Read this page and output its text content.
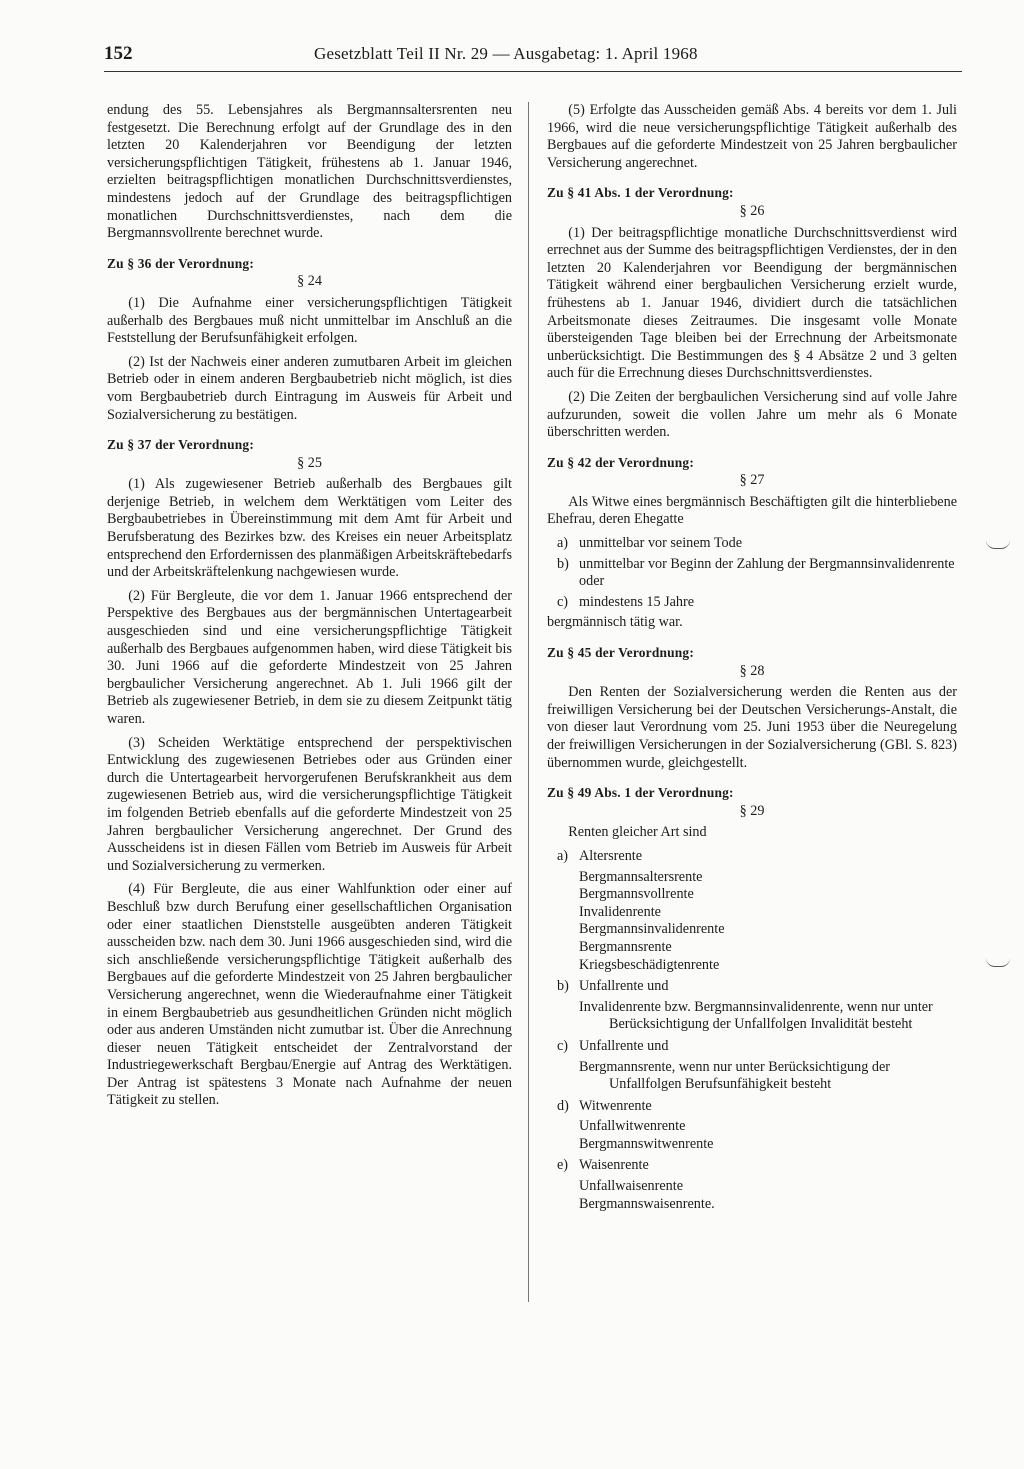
152	Gesetzblatt Teil II Nr. 29 — Ausgabetag: 1. April 1968

endung des 55. Lebensjahres als Bergmannsaltersrenten neu festgesetzt. Die Berechnung erfolgt auf der Grundlage des in den letzten 20 Kalenderjahren vor Beendigung der letzten versicherungspflichtigen Tätigkeit, frühestens ab 1. Januar 1946, erzielten beitragspflichtigen monatlichen Durchschnittsverdienstes, mindestens jedoch auf der Grundlage des beitragspflichtigen monatlichen Durchschnittsverdienstes, nach dem die Bergmannsvollrente berechnet wurde.

Zu § 36 der Verordnung:
§ 24

(1) Die Aufnahme einer versicherungspflichtigen Tätigkeit außerhalb des Bergbaues muß nicht unmittelbar im Anschluß an die Feststellung der Berufsunfähigkeit erfolgen.

(2) Ist der Nachweis einer anderen zumutbaren Arbeit im gleichen Betrieb oder in einem anderen Bergbaubetrieb nicht möglich, ist dies vom Bergbaubetrieb durch Eintragung im Ausweis für Arbeit und Sozialversicherung zu bestätigen.

Zu § 37 der Verordnung:
§ 25

(1) Als zugewiesener Betrieb außerhalb des Bergbaues gilt derjenige Betrieb, in welchem dem Werktätigen vom Leiter des Bergbaubetriebes in Übereinstimmung mit dem Amt für Arbeit und Berufsberatung des Bezirkes bzw. des Kreises ein neuer Arbeitsplatz entsprechend den Erfordernissen des planmäßigen Arbeitskräftebedarfs und der Arbeitskräftelenkung nachgewiesen wurde.

(2) Für Bergleute, die vor dem 1. Januar 1966 entsprechend der Perspektive des Bergbaues aus der bergmännischen Untertagearbeit ausgeschieden sind und eine versicherungspflichtige Tätigkeit außerhalb des Bergbaues aufgenommen haben, wird diese Tätigkeit bis 30. Juni 1966 auf die geforderte Mindestzeit von 25 Jahren bergbaulicher Versicherung angerechnet. Ab 1. Juli 1966 gilt der Betrieb als zugewiesener Betrieb, in dem sie zu diesem Zeitpunkt tätig waren.

(3) Scheiden Werktätige entsprechend der perspektivischen Entwicklung des zugewiesenen Betriebes oder aus Gründen einer durch die Untertagearbeit hervorgerufenen Berufskrankheit aus dem zugewiesenen Betrieb aus, wird die versicherungspflichtige Tätigkeit im folgenden Betrieb ebenfalls auf die geforderte Mindestzeit von 25 Jahren bergbaulicher Versicherung angerechnet. Der Grund des Ausscheidens ist in diesen Fällen vom Betrieb im Ausweis für Arbeit und Sozialversicherung zu vermerken.

(4) Für Bergleute, die aus einer Wahlfunktion oder einer auf Beschluß bzw durch Berufung einer gesellschaftlichen Organisation oder einer staatlichen Dienststelle ausgeübten anderen Tätigkeit ausscheiden bzw. nach dem 30. Juni 1966 ausgeschieden sind, wird die sich anschließende versicherungspflichtige Tätigkeit außerhalb des Bergbaues auf die geforderte Mindestzeit von 25 Jahren bergbaulicher Versicherung angerechnet, wenn die Wiederaufnahme einer Tätigkeit in einem Bergbaubetrieb aus gesundheitlichen Gründen nicht möglich oder aus anderen Umständen nicht zumutbar ist. Über die Anrechnung dieser neuen Tätigkeit entscheidet der Zentralvorstand der Industriegewerkschaft Bergbau/Energie auf Antrag des Werktätigen. Der Antrag ist spätestens 3 Monate nach Aufnahme der neuen Tätigkeit zu stellen.

(5) Erfolgte das Ausscheiden gemäß Abs. 4 bereits vor dem 1. Juli 1966, wird die neue versicherungspflichtige Tätigkeit außerhalb des Bergbaues auf die geforderte Mindestzeit von 25 Jahren bergbaulicher Versicherung angerechnet.

Zu § 41 Abs. 1 der Verordnung:
§ 26

(1) Der beitragspflichtige monatliche Durchschnittsverdienst wird errechnet aus der Summe des beitragspflichtigen Verdienstes, der in den letzten 20 Kalenderjahren vor Beendigung der bergmännischen Tätigkeit während einer bergbaulichen Versicherung erzielt wurde, frühestens ab 1. Januar 1946, dividiert durch die tatsächlichen Arbeitsmonate dieses Zeitraumes. Die insgesamt volle Monate übersteigenden Tage bleiben bei der Errechnung der Arbeitsmonate unberücksichtigt. Die Bestimmungen des § 4 Absätze 2 und 3 gelten auch für die Errechnung dieses Durchschnittsverdienstes.

(2) Die Zeiten der bergbaulichen Versicherung sind auf volle Jahre aufzurunden, soweit die vollen Jahre um mehr als 6 Monate überschritten werden.

Zu § 42 der Verordnung:
§ 27

Als Witwe eines bergmännisch Beschäftigten gilt die hinterbliebene Ehefrau, deren Ehegatte

a) unmittelbar vor seinem Tode
b) unmittelbar vor Beginn der Zahlung der Bergmannsinvalidenrente oder
c) mindestens 15 Jahre

bergmännisch tätig war.

Zu § 45 der Verordnung:
§ 28

Den Renten der Sozialversicherung werden die Renten aus der freiwilligen Versicherung bei der Deutschen Versicherungs-Anstalt, die von dieser laut Verordnung vom 25. Juni 1953 über die Neuregelung der freiwilligen Versicherungen in der Sozialversicherung (GBl. S. 823) übernommen wurde, gleichgestellt.

Zu § 49 Abs. 1 der Verordnung:
§ 29

Renten gleicher Art sind

a) Altersrente
Bergmannsaltersrente
Bergmannsvollrente
Invalidenrente
Bergmannsinvalidenrente
Bergmannsrente
Kriegsbeschädigtenrente
b) Unfallrente und
Invalidenrente bzw. Bergmannsinvalidenrente, wenn nur unter Berücksichtigung der Unfallfolgen Invalidität besteht
c) Unfallrente und
Bergmannsrente, wenn nur unter Berücksichtigung der Unfallfolgen Berufsunfähigkeit besteht
d) Witwenrente
Unfallwitwenrente
Bergmannswitwenrente
e) Waisenrente
Unfallwaisenrente
Bergmannswaisenrente.
